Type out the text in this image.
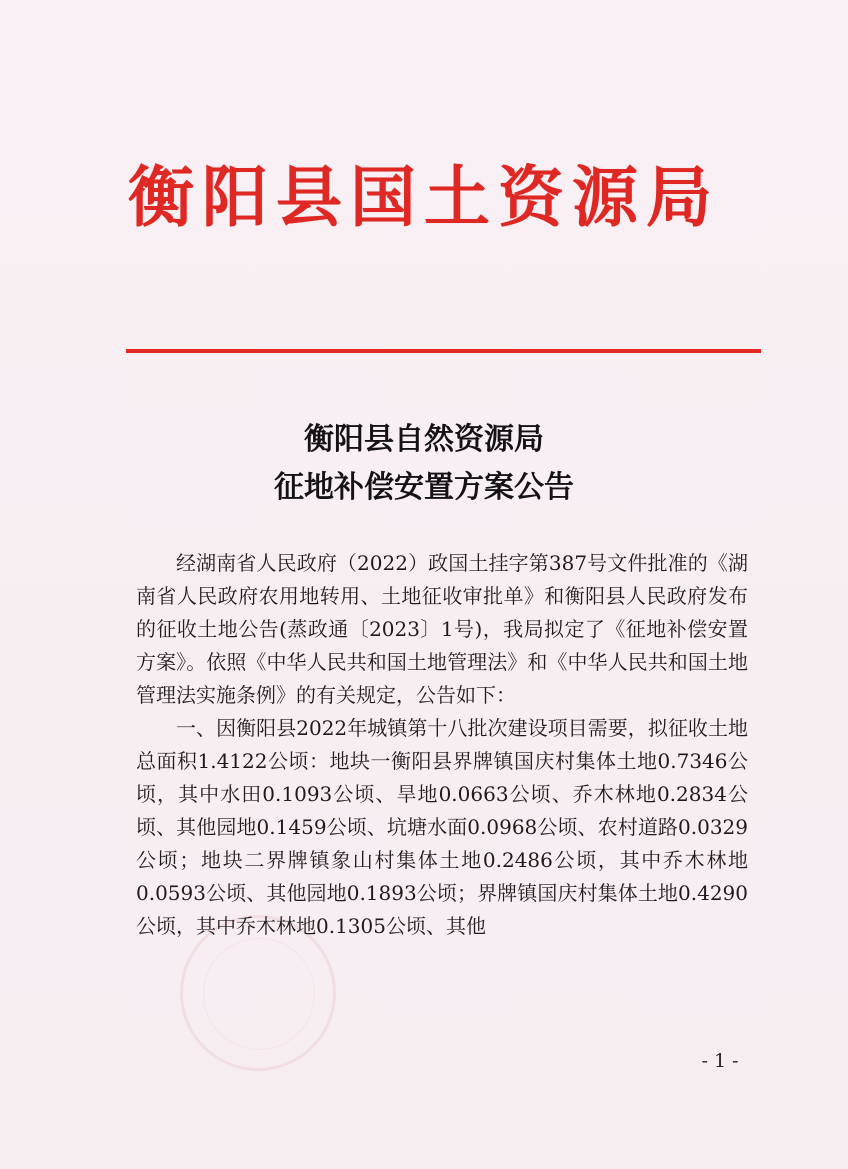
衡阳县国土资源局
衡阳县自然资源局
征地补偿安置方案公告

经湖南省人民政府（2022）政国土挂字第387号文件批准的《湖南省人民政府农用地转用、土地征收审批单》和衡阳县人民政府发布的征收土地公告(蒸政通〔2023〕1号)，我局拟定了《征地补偿安置方案》。依照《中华人民共和国土地管理法》和《中华人民共和国土地管理法实施条例》的有关规定，公告如下：

一、因衡阳县2022年城镇第十八批次建设项目需要，拟征收土地总面积1.4122公顷：地块一衡阳县界牌镇国庆村集体土地0.7346公顷，其中水田0.1093公顷、旱地0.0663公顷、乔木林地0.2834公顷、其他园地0.1459公顷、坑塘水面0.0968公顷、农村道路0.0329公顷；地块二界牌镇象山村集体土地0.2486公顷，其中乔木林地0.0593公顷、其他园地0.1893公顷；界牌镇国庆村集体土地0.4290公顷，其中乔木林地0.1305公顷、其他

- 1 -
